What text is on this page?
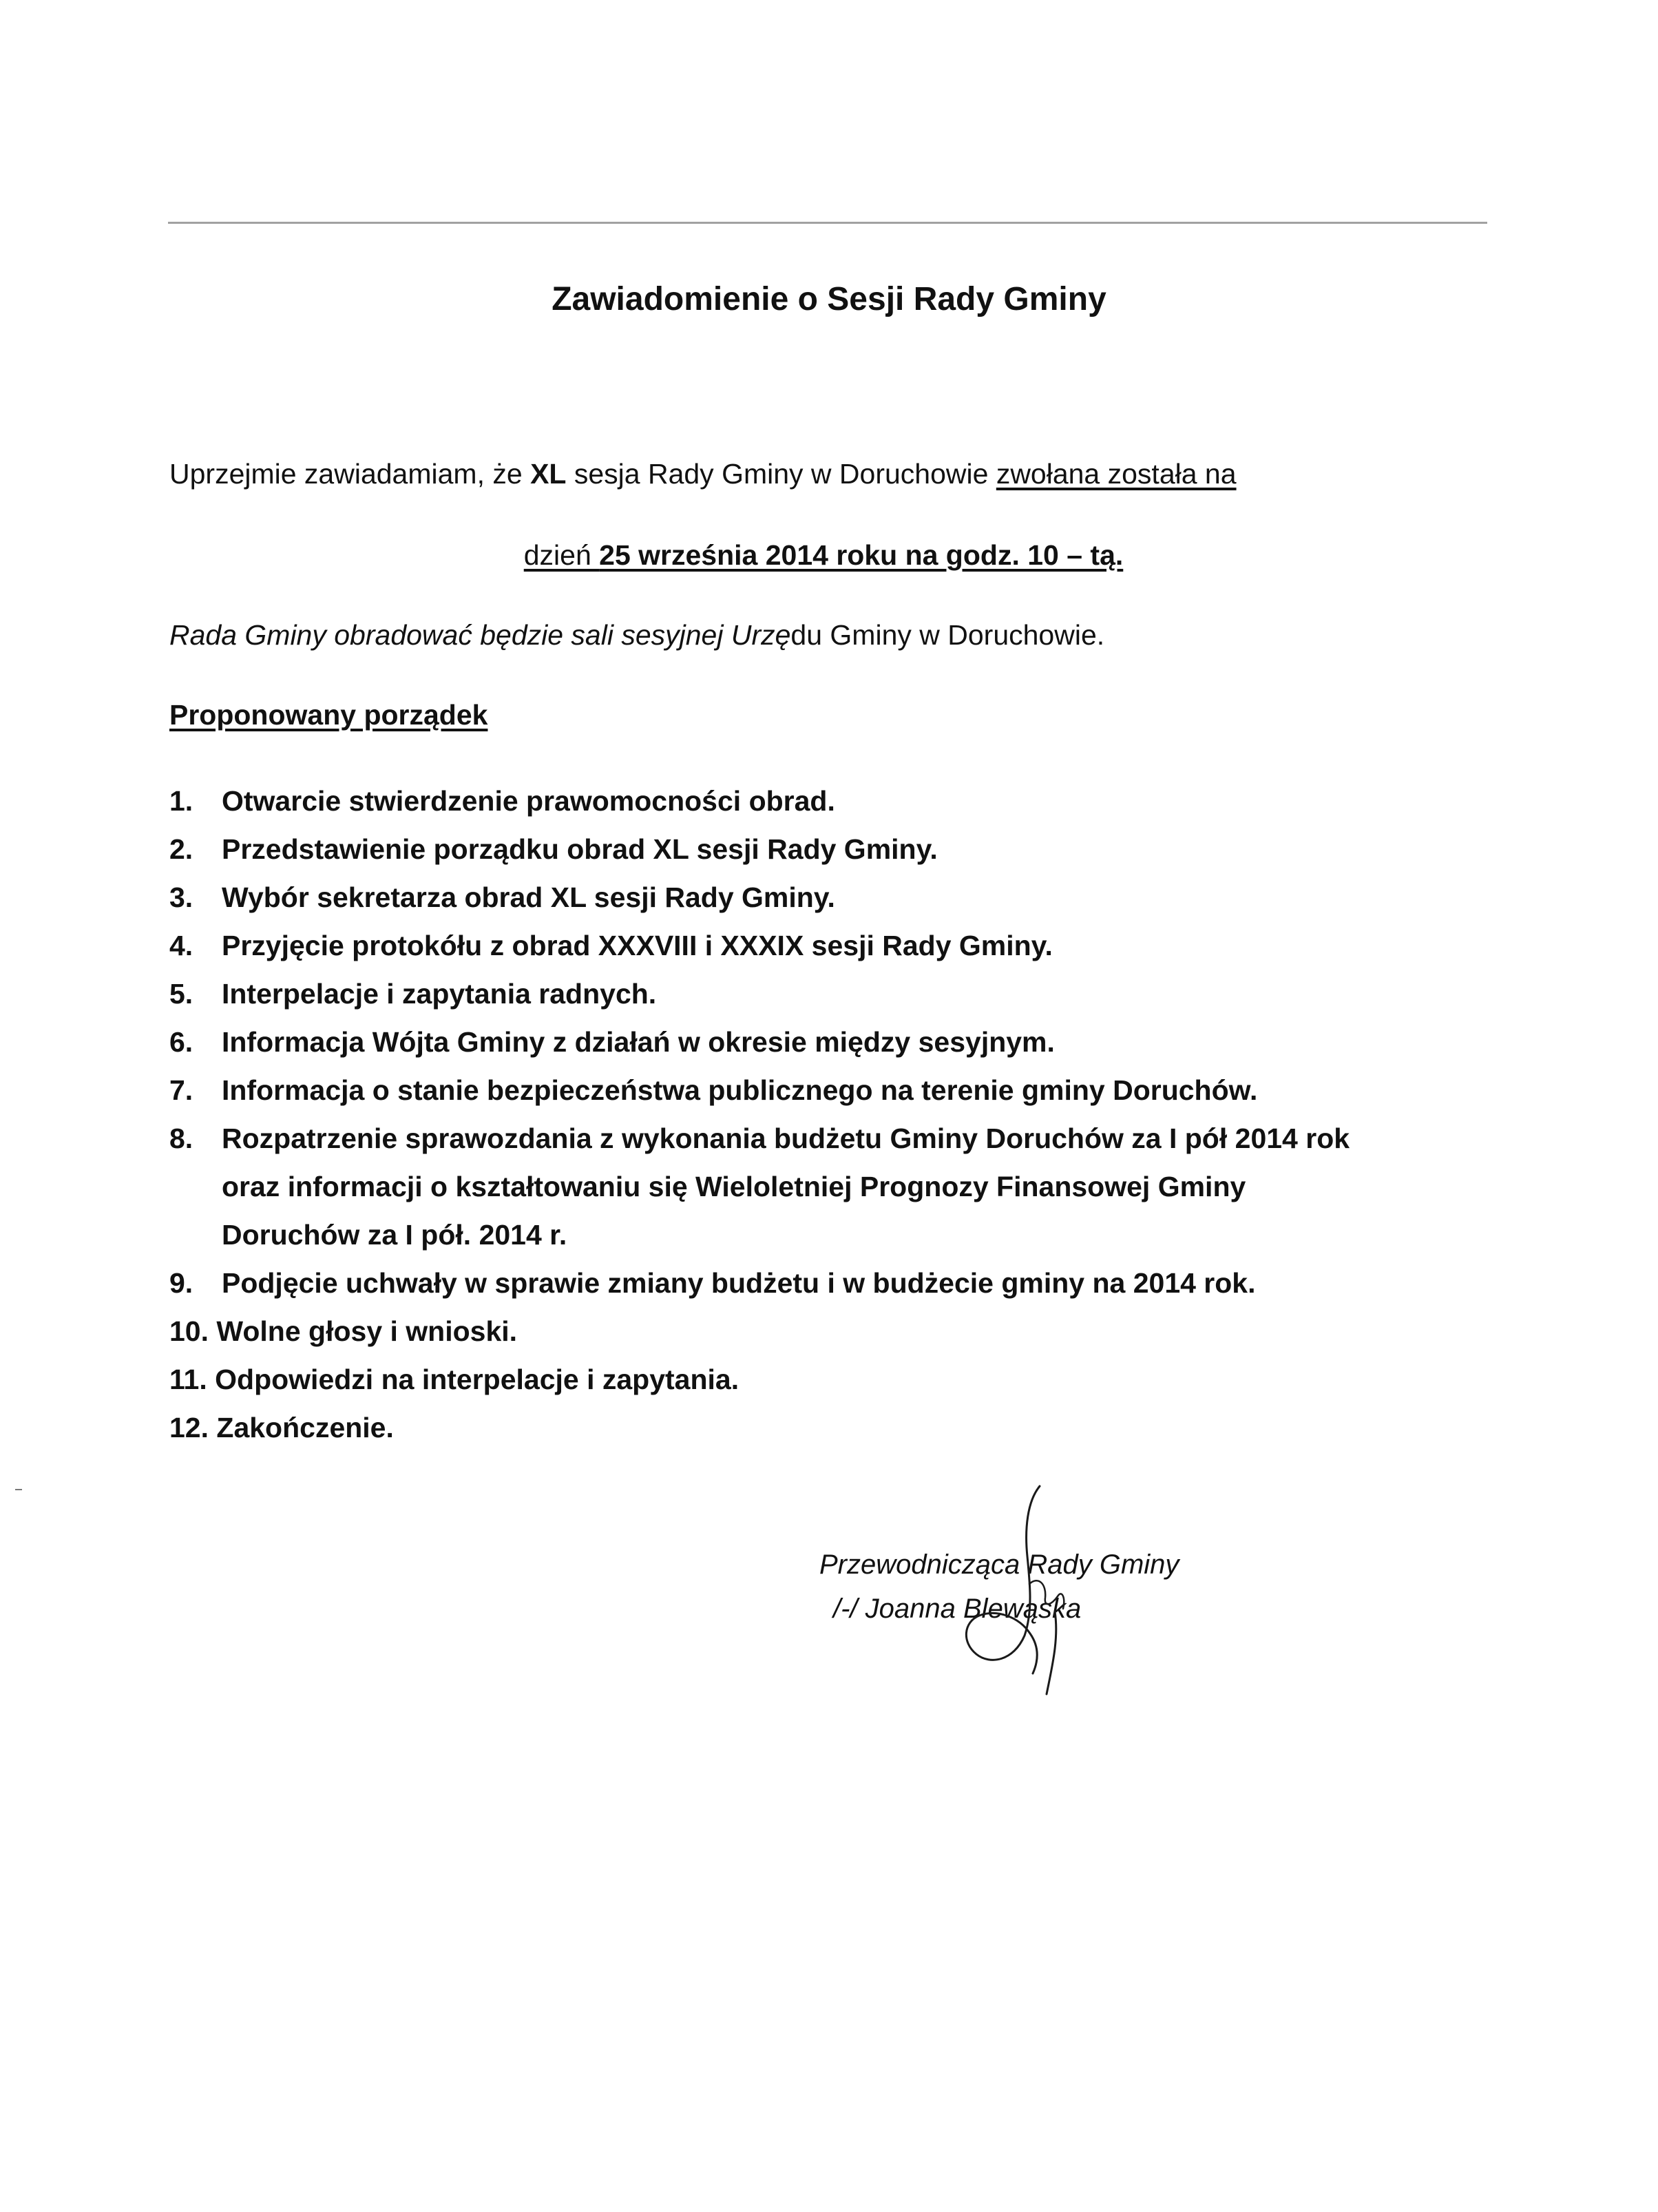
Zawiadomienie o Sesji Rady Gminy
Uprzejmie zawiadamiam, że XL sesja Rady Gminy w Doruchowie zwołana została na
dzień 25 września 2014 roku na godz. 10 – tą.
Rada Gminy obradować będzie sali sesyjnej Urzędu Gminy w Doruchowie.
Proponowany porządek
1. Otwarcie stwierdzenie prawomocności obrad.
2. Przedstawienie porządku obrad XL sesji Rady Gminy.
3. Wybór sekretarza obrad XL sesji Rady Gminy.
4. Przyjęcie protokółu z obrad XXXVIII i XXXIX sesji Rady Gminy.
5. Interpelacje i zapytania radnych.
6. Informacja Wójta Gminy z działań w okresie między sesyjnym.
7. Informacja o stanie bezpieczeństwa publicznego na terenie gminy Doruchów.
8. Rozpatrzenie sprawozdania z wykonania budżetu Gminy Doruchów za I pół 2014 rok
oraz informacji o kształtowaniu się Wieloletniej Prognozy Finansowej Gminy
Doruchów za I pół. 2014 r.
9. Podjęcie uchwały w sprawie zmiany budżetu i w budżecie gminy na 2014 rok.
10. Wolne głosy i wnioski.
11. Odpowiedzi na interpelacje i zapytania.
12. Zakończenie.
Przewodnicząca Rady Gminy
/-/ Joanna Blewąska
